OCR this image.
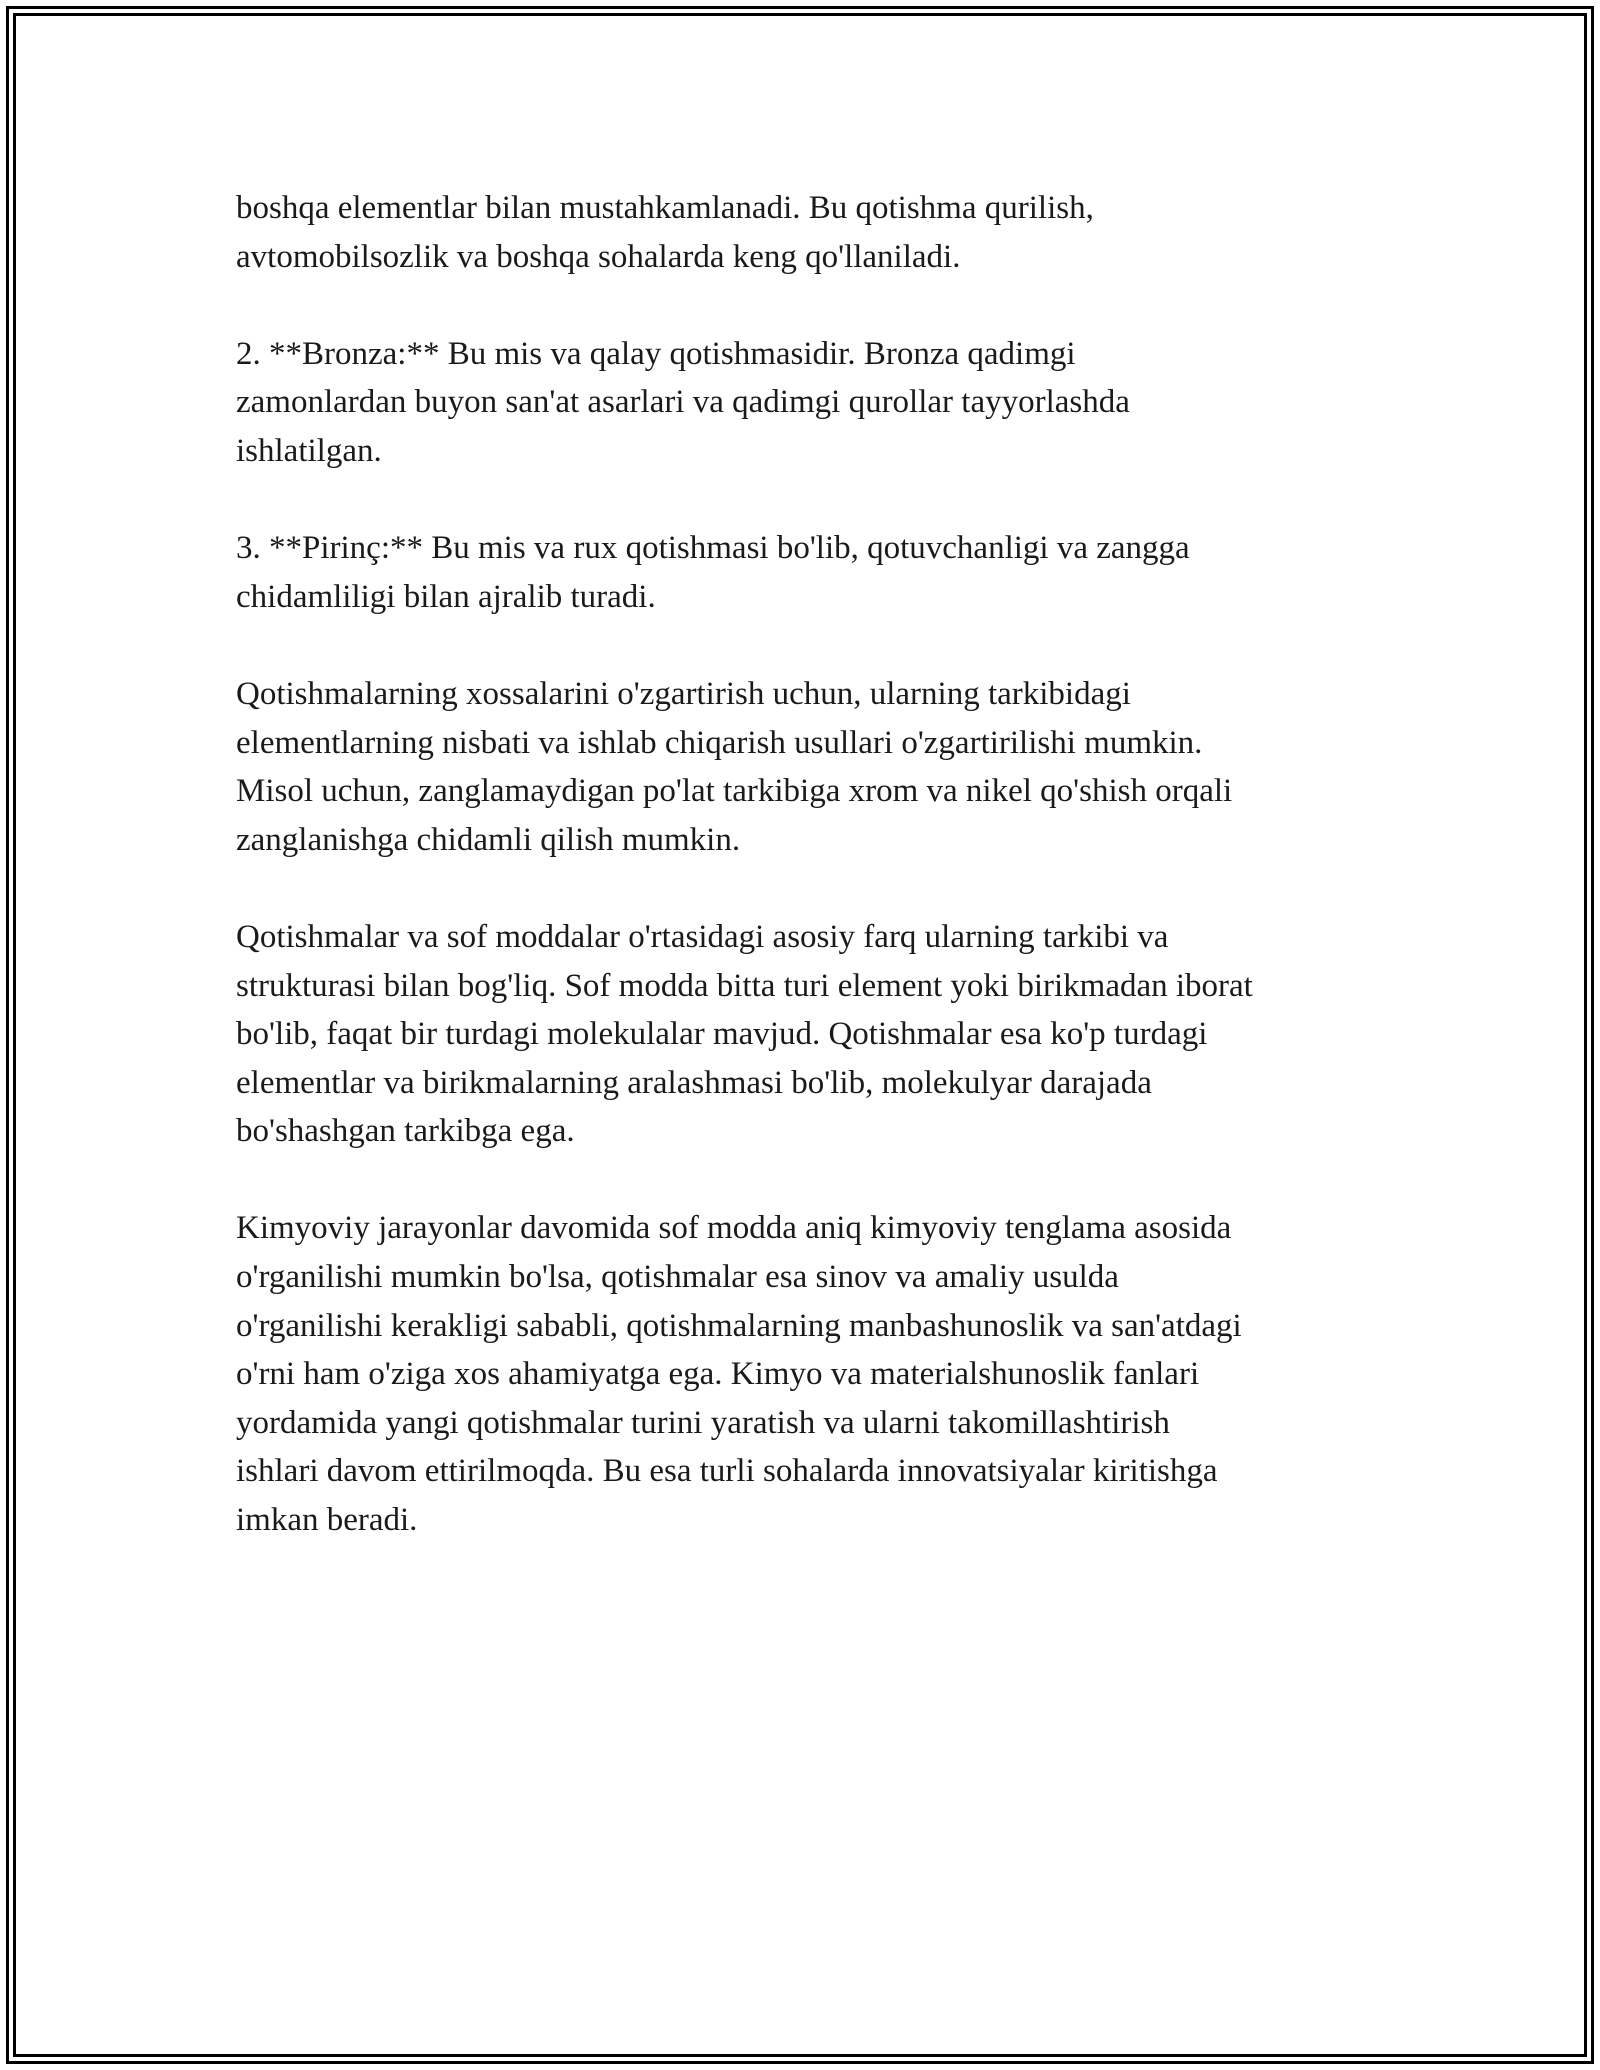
boshqa elementlar bilan mustahkamlanadi. Bu qotishma qurilish,
avtomobilsozlik va boshqa sohalarda keng qo'llaniladi.

2. **Bronza:** Bu mis va qalay qotishmasidir. Bronza qadimgi
zamonlardan buyon san'at asarlari va qadimgi qurollar tayyorlashda
ishlatilgan.

3. **Pirinç:** Bu mis va rux qotishmasi bo'lib, qotuvchanligi va zangga
chidamliligi bilan ajralib turadi.

Qotishmalarning xossalarini o'zgartirish uchun, ularning tarkibidagi
elementlarning nisbati va ishlab chiqarish usullari o'zgartirilishi mumkin.
Misol uchun, zanglamaydigan po'lat tarkibiga xrom va nikel qo'shish orqali
zanglanishga chidamli qilish mumkin.

Qotishmalar va sof moddalar o'rtasidagi asosiy farq ularning tarkibi va
strukturasi bilan bog'liq. Sof modda bitta turi element yoki birikmadan iborat
bo'lib, faqat bir turdagi molekulalar mavjud. Qotishmalar esa ko'p turdagi
elementlar va birikmalarning aralashmasi bo'lib, molekulyar darajada
bo'shashgan tarkibga ega.

Kimyoviy jarayonlar davomida sof modda aniq kimyoviy tenglama asosida
o'rganilishi mumkin bo'lsa, qotishmalar esa sinov va amaliy usulda
o'rganilishi kerakligi sababli, qotishmalarning manbashunoslik va san'atdagi
o'rni ham o'ziga xos ahamiyatga ega. Kimyo va materialshunoslik fanlari
yordamida yangi qotishmalar turini yaratish va ularni takomillashtirish
ishlari davom ettirilmoqda. Bu esa turli sohalarda innovatsiyalar kiritishga
imkan beradi.
